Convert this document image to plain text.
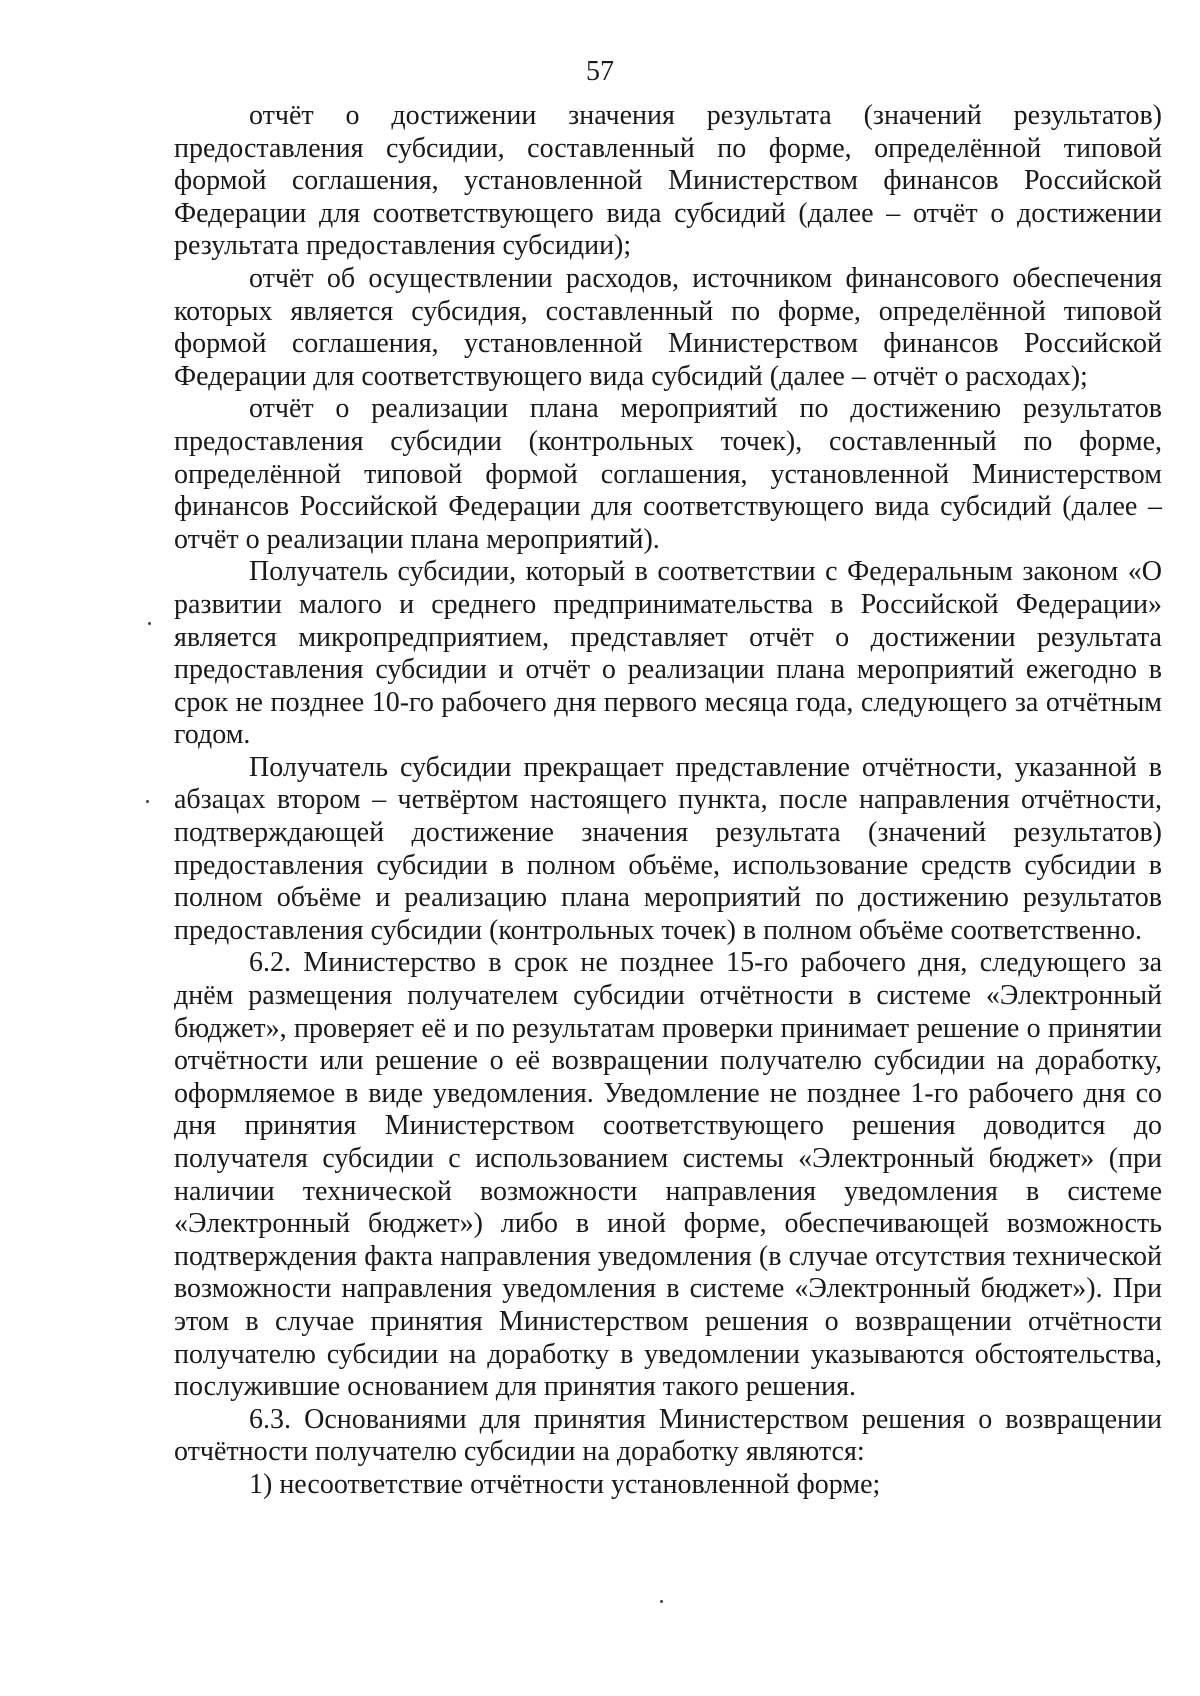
57

отчёт о достижении значения результата (значений результатов) предоставления субсидии, составленный по форме, определённой типовой формой соглашения, установленной Министерством финансов Российской Федерации для соответствующего вида субсидий (далее – отчёт о достижении результата предоставления субсидии);

отчёт об осуществлении расходов, источником финансового обеспечения которых является субсидия, составленный по форме, определённой типовой формой соглашения, установленной Министерством финансов Российской Федерации для соответствующего вида субсидий (далее – отчёт о расходах);

отчёт о реализации плана мероприятий по достижению результатов предоставления субсидии (контрольных точек), составленный по форме, определённой типовой формой соглашения, установленной Министерством финансов Российской Федерации для соответствующего вида субсидий (далее – отчёт о реализации плана мероприятий).

Получатель субсидии, который в соответствии с Федеральным законом «О развитии малого и среднего предпринимательства в Российской Федерации» является микропредприятием, представляет отчёт о достижении результата предоставления субсидии и отчёт о реализации плана мероприятий ежегодно в срок не позднее 10-го рабочего дня первого месяца года, следующего за отчётным годом.

Получатель субсидии прекращает представление отчётности, указанной в абзацах втором – четвёртом настоящего пункта, после направления отчётности, подтверждающей достижение значения результата (значений результатов) предоставления субсидии в полном объёме, использование средств субсидии в полном объёме и реализацию плана мероприятий по достижению результатов предоставления субсидии (контрольных точек) в полном объёме соответственно.

6.2. Министерство в срок не позднее 15-го рабочего дня, следующего за днём размещения получателем субсидии отчётности в системе «Электронный бюджет», проверяет её и по результатам проверки принимает решение о принятии отчётности или решение о её возвращении получателю субсидии на доработку, оформляемое в виде уведомления. Уведомление не позднее 1-го рабочего дня со дня принятия Министерством соответствующего решения доводится до получателя субсидии с использованием системы «Электронный бюджет» (при наличии технической возможности направления уведомления в системе «Электронный бюджет») либо в иной форме, обеспечивающей возможность подтверждения факта направления уведомления (в случае отсутствия технической возможности направления уведомления в системе «Электронный бюджет»). При этом в случае принятия Министерством решения о возвращении отчётности получателю субсидии на доработку в уведомлении указываются обстоятельства, послужившие основанием для принятия такого решения.

6.3. Основаниями для принятия Министерством решения о возвращении отчётности получателю субсидии на доработку являются:

1) несоответствие отчётности установленной форме;
